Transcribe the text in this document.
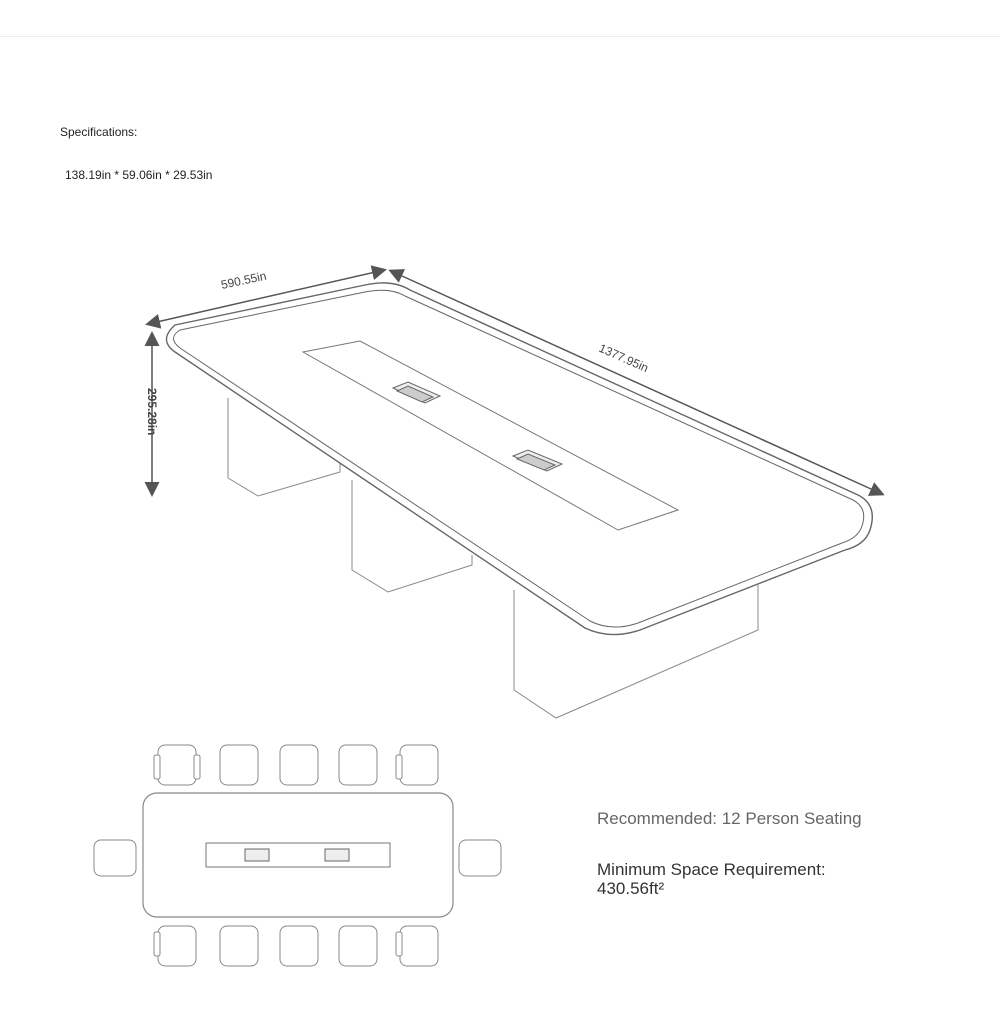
Specifications:
138.19in * 59.06in * 29.53in
590.55in
1377.95in
295.28in
Recommended: 12 Person Seating
Minimum Space Requirement: 430.56ft²
